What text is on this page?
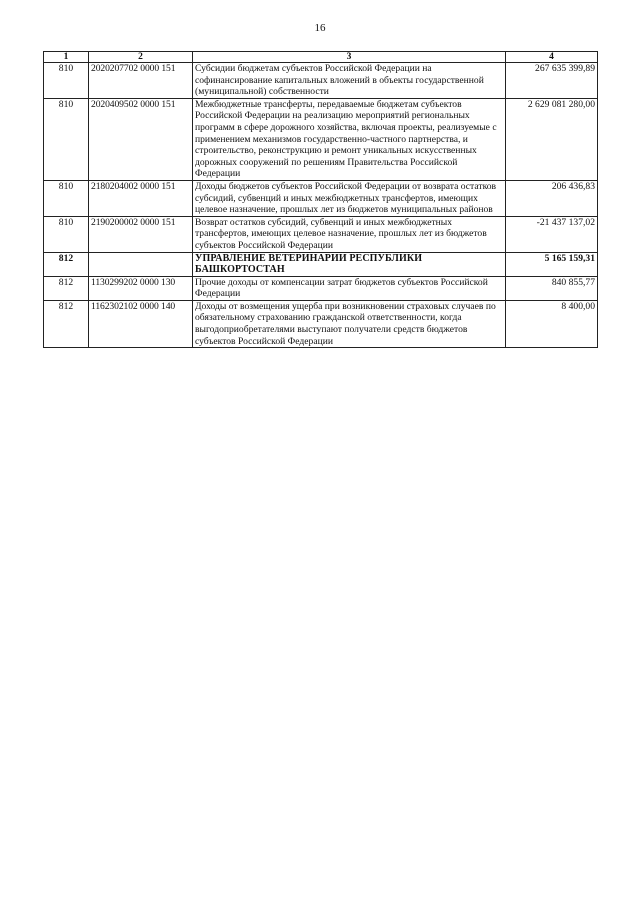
16
1	2	3	4
810	2020207702 0000 151	Субсидии бюджетам субъектов Российской Федерации на софинансирование капитальных вложений в объекты государственной (муниципальной) собственности	267 635 399,89
810	2020409502 0000 151	Межбюджетные трансферты, передаваемые бюджетам субъектов Российской Федерации на реализацию мероприятий региональных программ в сфере дорожного хозяйства, включая проекты, реализуемые с применением механизмов государственно-частного партнерства, и строительство, реконструкцию и ремонт уникальных искусственных дорожных сооружений по решениям Правительства Российской Федерации	2 629 081 280,00
810	2180204002 0000 151	Доходы бюджетов субъектов Российской Федерации от возврата остатков субсидий, субвенций и иных межбюджетных трансфертов, имеющих целевое назначение, прошлых лет из бюджетов муниципальных районов	206 436,83
810	2190200002 0000 151	Возврат остатков субсидий, субвенций и иных межбюджетных трансфертов, имеющих целевое назначение, прошлых лет из бюджетов субъектов Российской Федерации	-21 437 137,02
812		УПРАВЛЕНИЕ ВЕТЕРИНАРИИ РЕСПУБЛИКИ БАШКОРТОСТАН	5 165 159,31
812	1130299202 0000 130	Прочие доходы от компенсации затрат бюджетов субъектов Российской Федерации	840 855,77
812	1162302102 0000 140	Доходы от возмещения ущерба при возникновении страховых случаев по обязательному страхованию гражданской ответственности, когда выгодоприобретателями выступают получатели средств бюджетов субъектов Российской Федерации	8 400,00
